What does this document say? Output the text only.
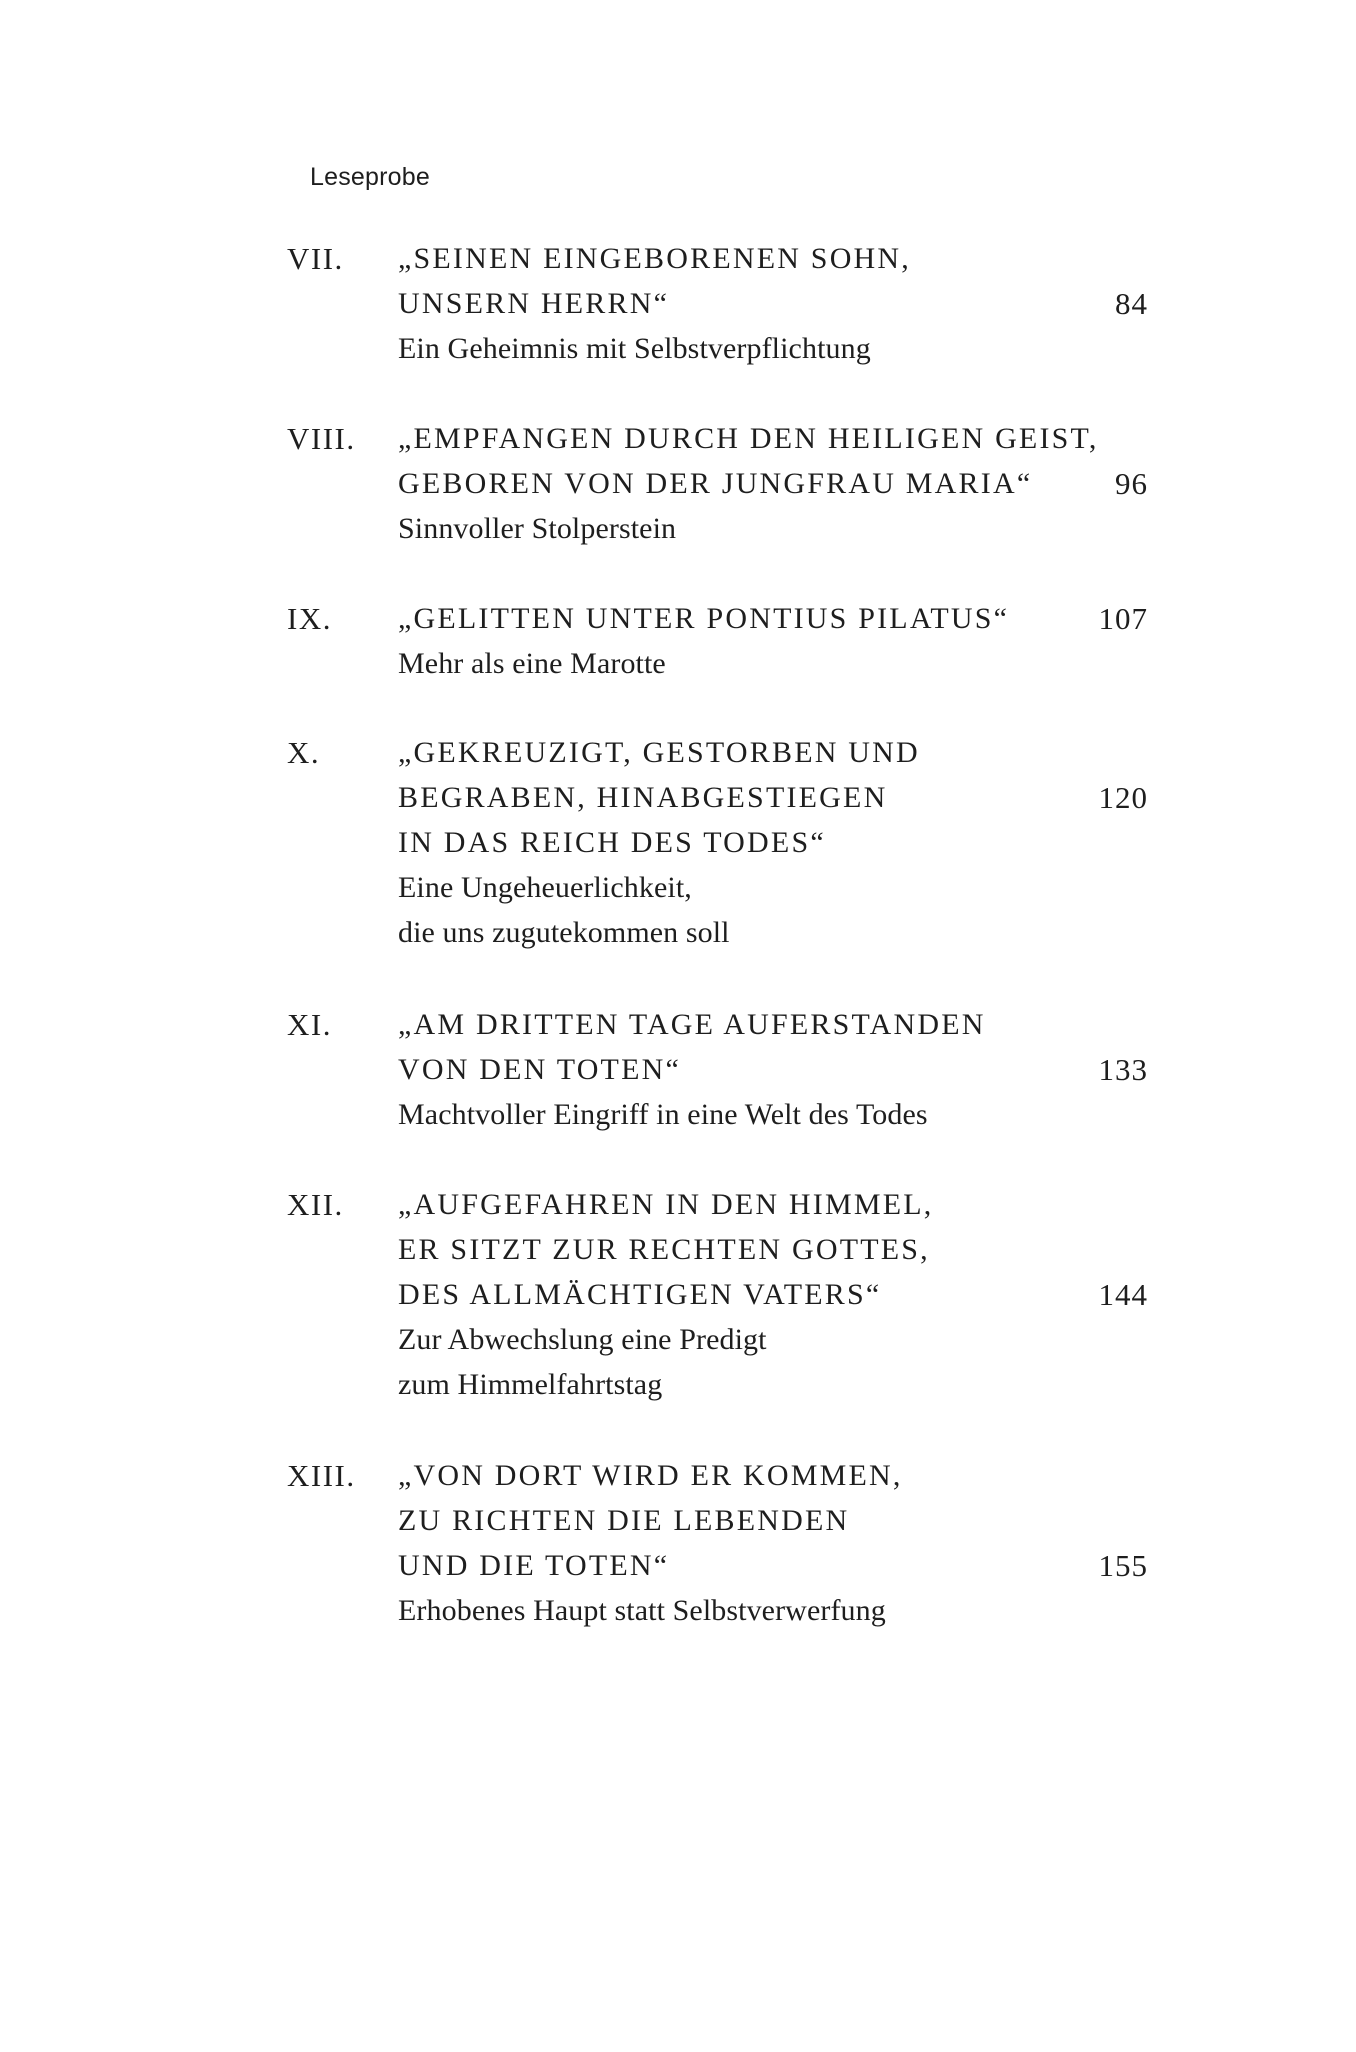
Leseprobe
VII. „SEINEN EINGEBORENEN SOHN,
UNSERN HERRN“	84
Ein Geheimnis mit Selbstverpflichtung
VIII. „EMPFANGEN DURCH DEN HEILIGEN GEIST,
GEBOREN VON DER JUNGFRAU MARIA“	96
Sinnvoller Stolperstein
IX. „GELITTEN UNTER PONTIUS PILATUS“	107
Mehr als eine Marotte
X.	„GEKREUZIGT, GESTORBEN UND
BEGRABEN, HINABGESTIEGEN	120
IN DAS REICH DES TODES“
Eine Ungeheuerlichkeit,
die uns zugutekommen soll
XI. „AM DRITTEN TAGE AUFERSTANDEN
VON DEN TOTEN“	133
Machtvoller Eingriff in eine Welt des Todes
XII. „AUFGEFAHREN IN DEN HIMMEL,
ER SITZT ZUR RECHTEN GOTTES,
DES ALLMÄCHTIGEN VATERS“	144
Zur Abwechslung eine Predigt
zum Himmelfahrtstag
XIII. „VON DORT WIRD ER KOMMEN,
ZU RICHTEN DIE LEBENDEN
UND DIE TOTEN“	155
Erhobenes Haupt statt Selbstverwerfung
